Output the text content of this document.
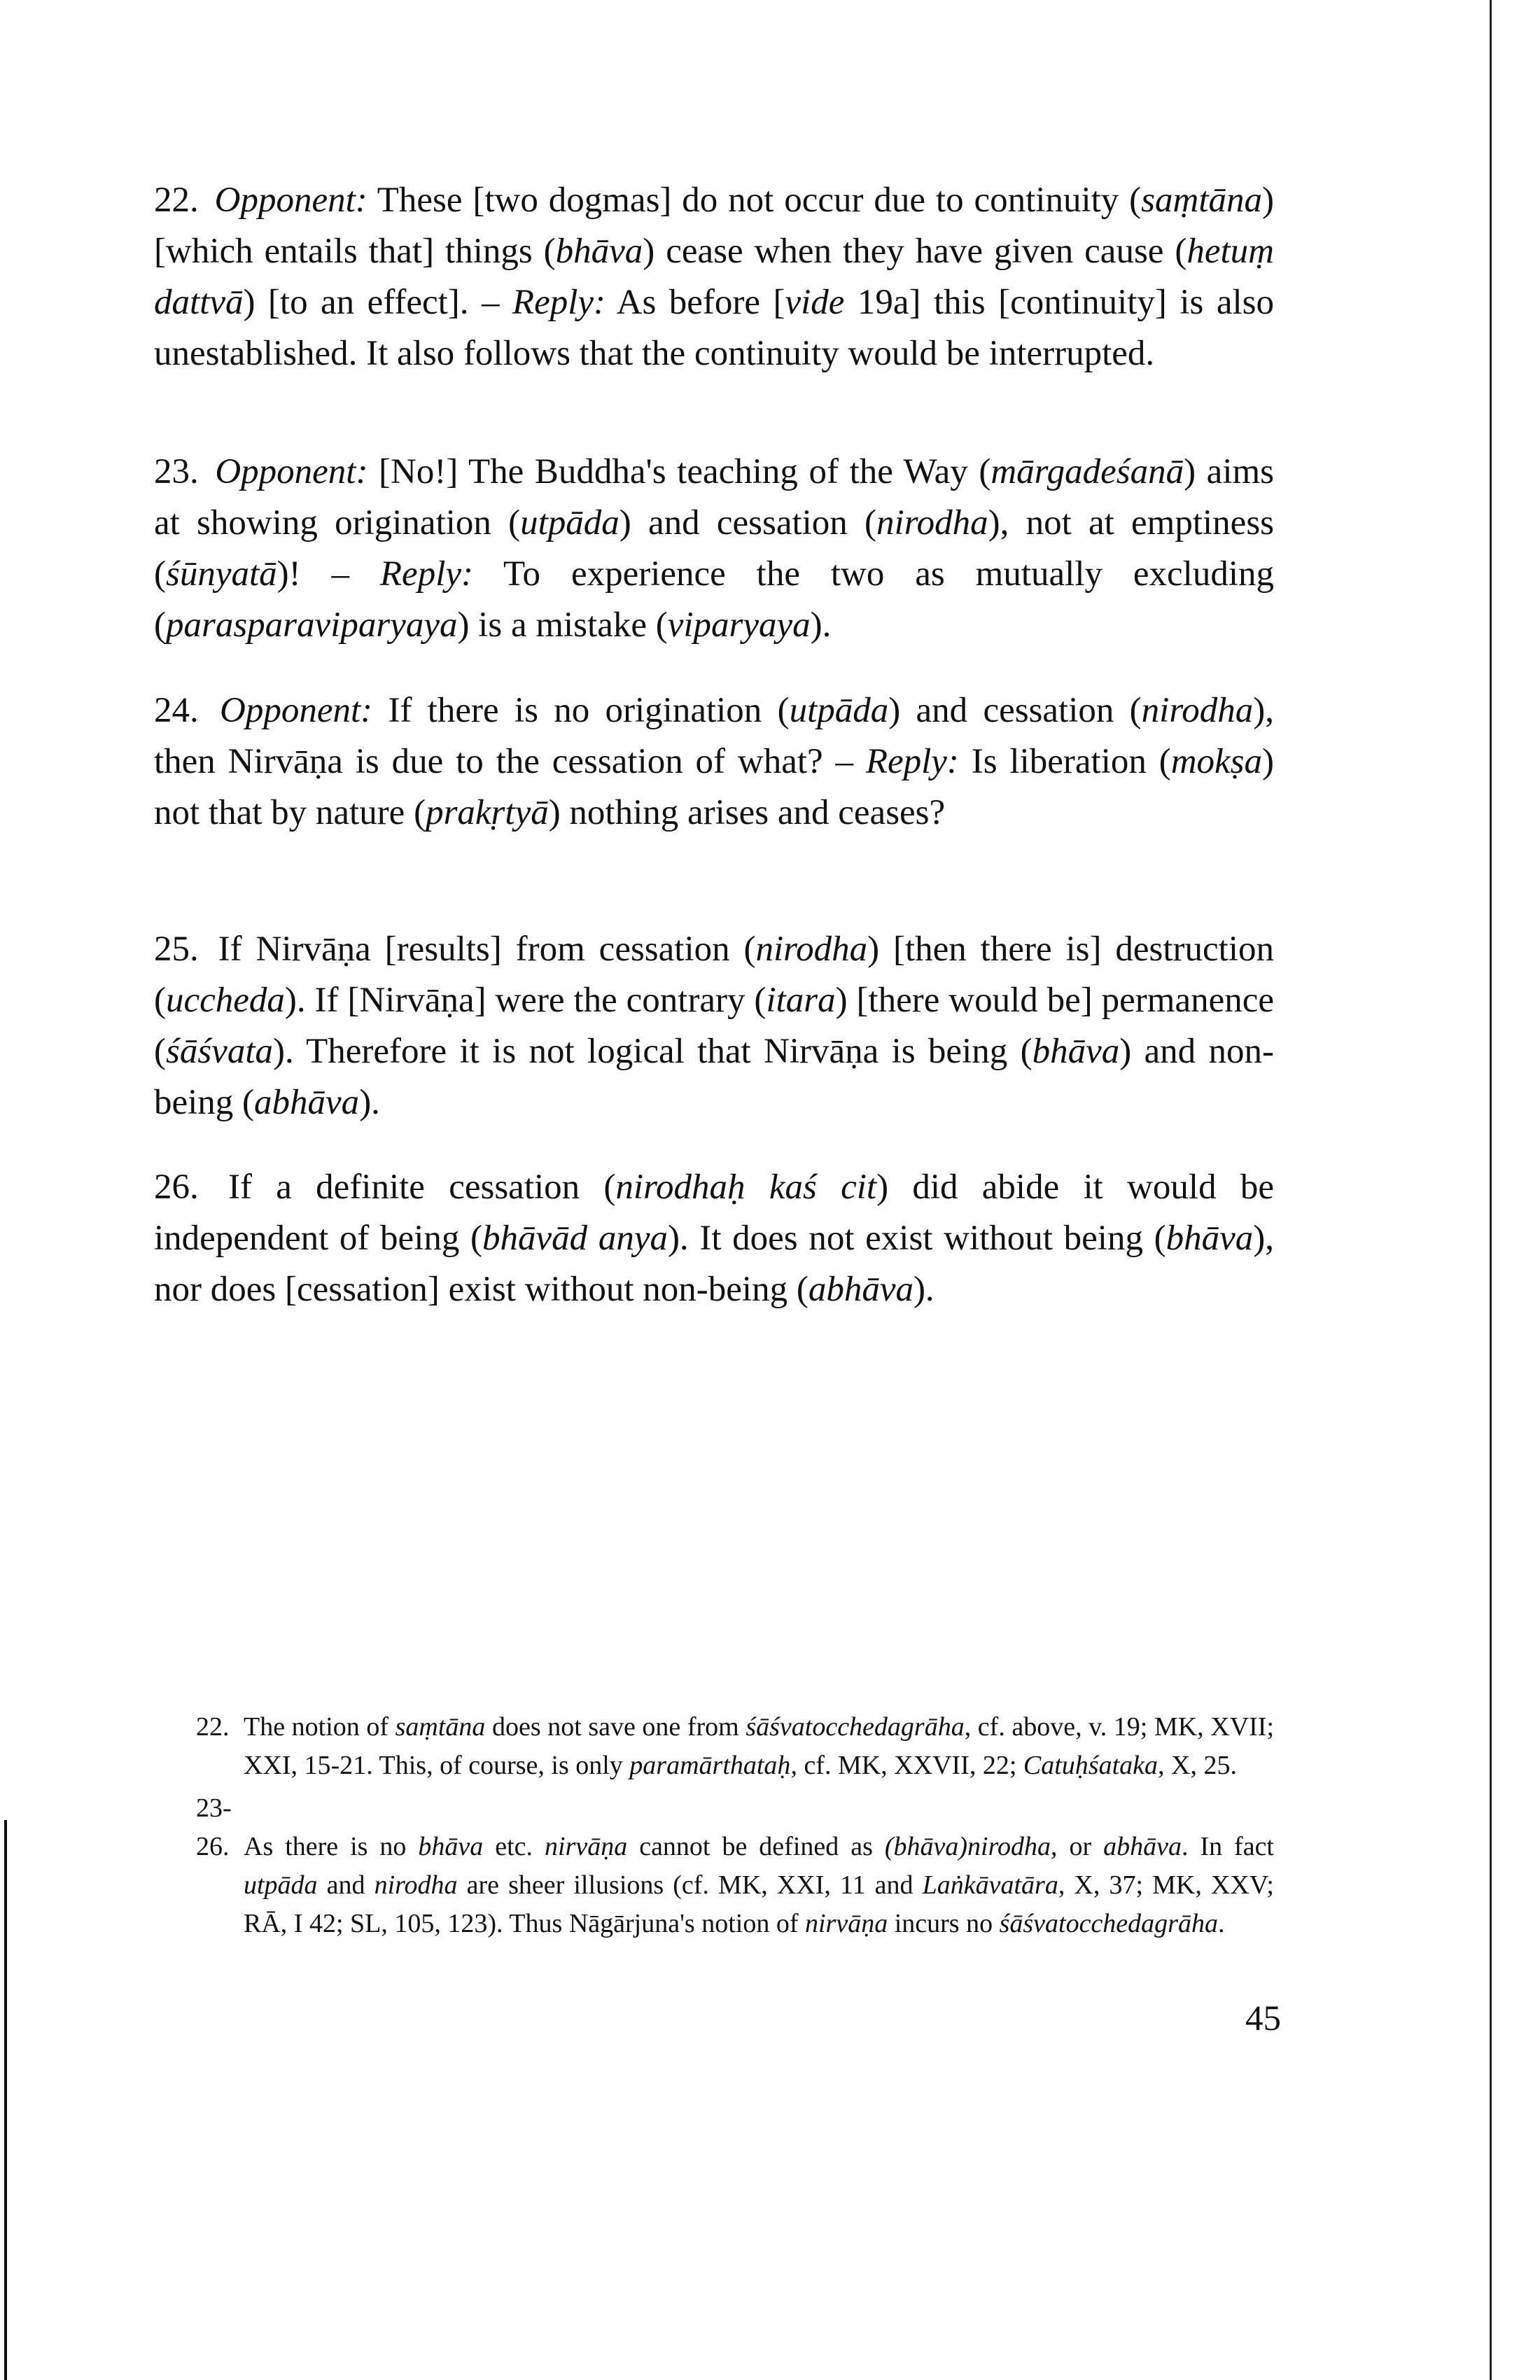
22. Opponent: These [two dogmas] do not occur due to continuity (saṃtāna) [which entails that] things (bhāva) cease when they have given cause (hetuṃ dattvā) [to an effect]. – Reply: As before [vide 19a] this [continuity] is also unestablished. It also follows that the continuity would be interrupted.

23. Opponent: [No!] The Buddha's teaching of the Way (mārgadeśanā) aims at showing origination (utpāda) and cessation (nirodha), not at emptiness (śūnyatā)! – Reply: To experience the two as mutually excluding (parasparaviparyaya) is a mistake (viparyaya).

24. Opponent: If there is no origination (utpāda) and cessation (nirodha), then Nirvāṇa is due to the cessation of what? – Reply: Is liberation (mokṣa) not that by nature (prakṛtyā) nothing arises and ceases?

25. If Nirvāṇa [results] from cessation (nirodha) [then there is] destruction (uccheda). If [Nirvāṇa] were the contrary (itara) [there would be] permanence (śāśvata). Therefore it is not logical that Nirvāṇa is being (bhāva) and non-being (abhāva).

26. If a definite cessation (nirodhaḥ kaś cit) did abide it would be independent of being (bhāvād anya). It does not exist without being (bhāva), nor does [cessation] exist without non-being (abhāva).

22. The notion of saṃtāna does not save one from śāśvatocchedagrāha, cf. above, v. 19; MK, XVII; XXI, 15-21. This, of course, is only paramārthataḥ, cf. MK, XXVII, 22; Catuḥśataka, X, 25.

23-26. As there is no bhāva etc. nirvāṇa cannot be defined as (bhāva)nirodha, or abhāva. In fact utpāda and nirodha are sheer illusions (cf. MK, XXI, 11 and Laṅkāvatāra, X, 37; MK, XXV; RĀ, I 42; SL, 105, 123). Thus Nāgārjuna's notion of nirvāṇa incurs no śāśvatocchedagrāha.

45
